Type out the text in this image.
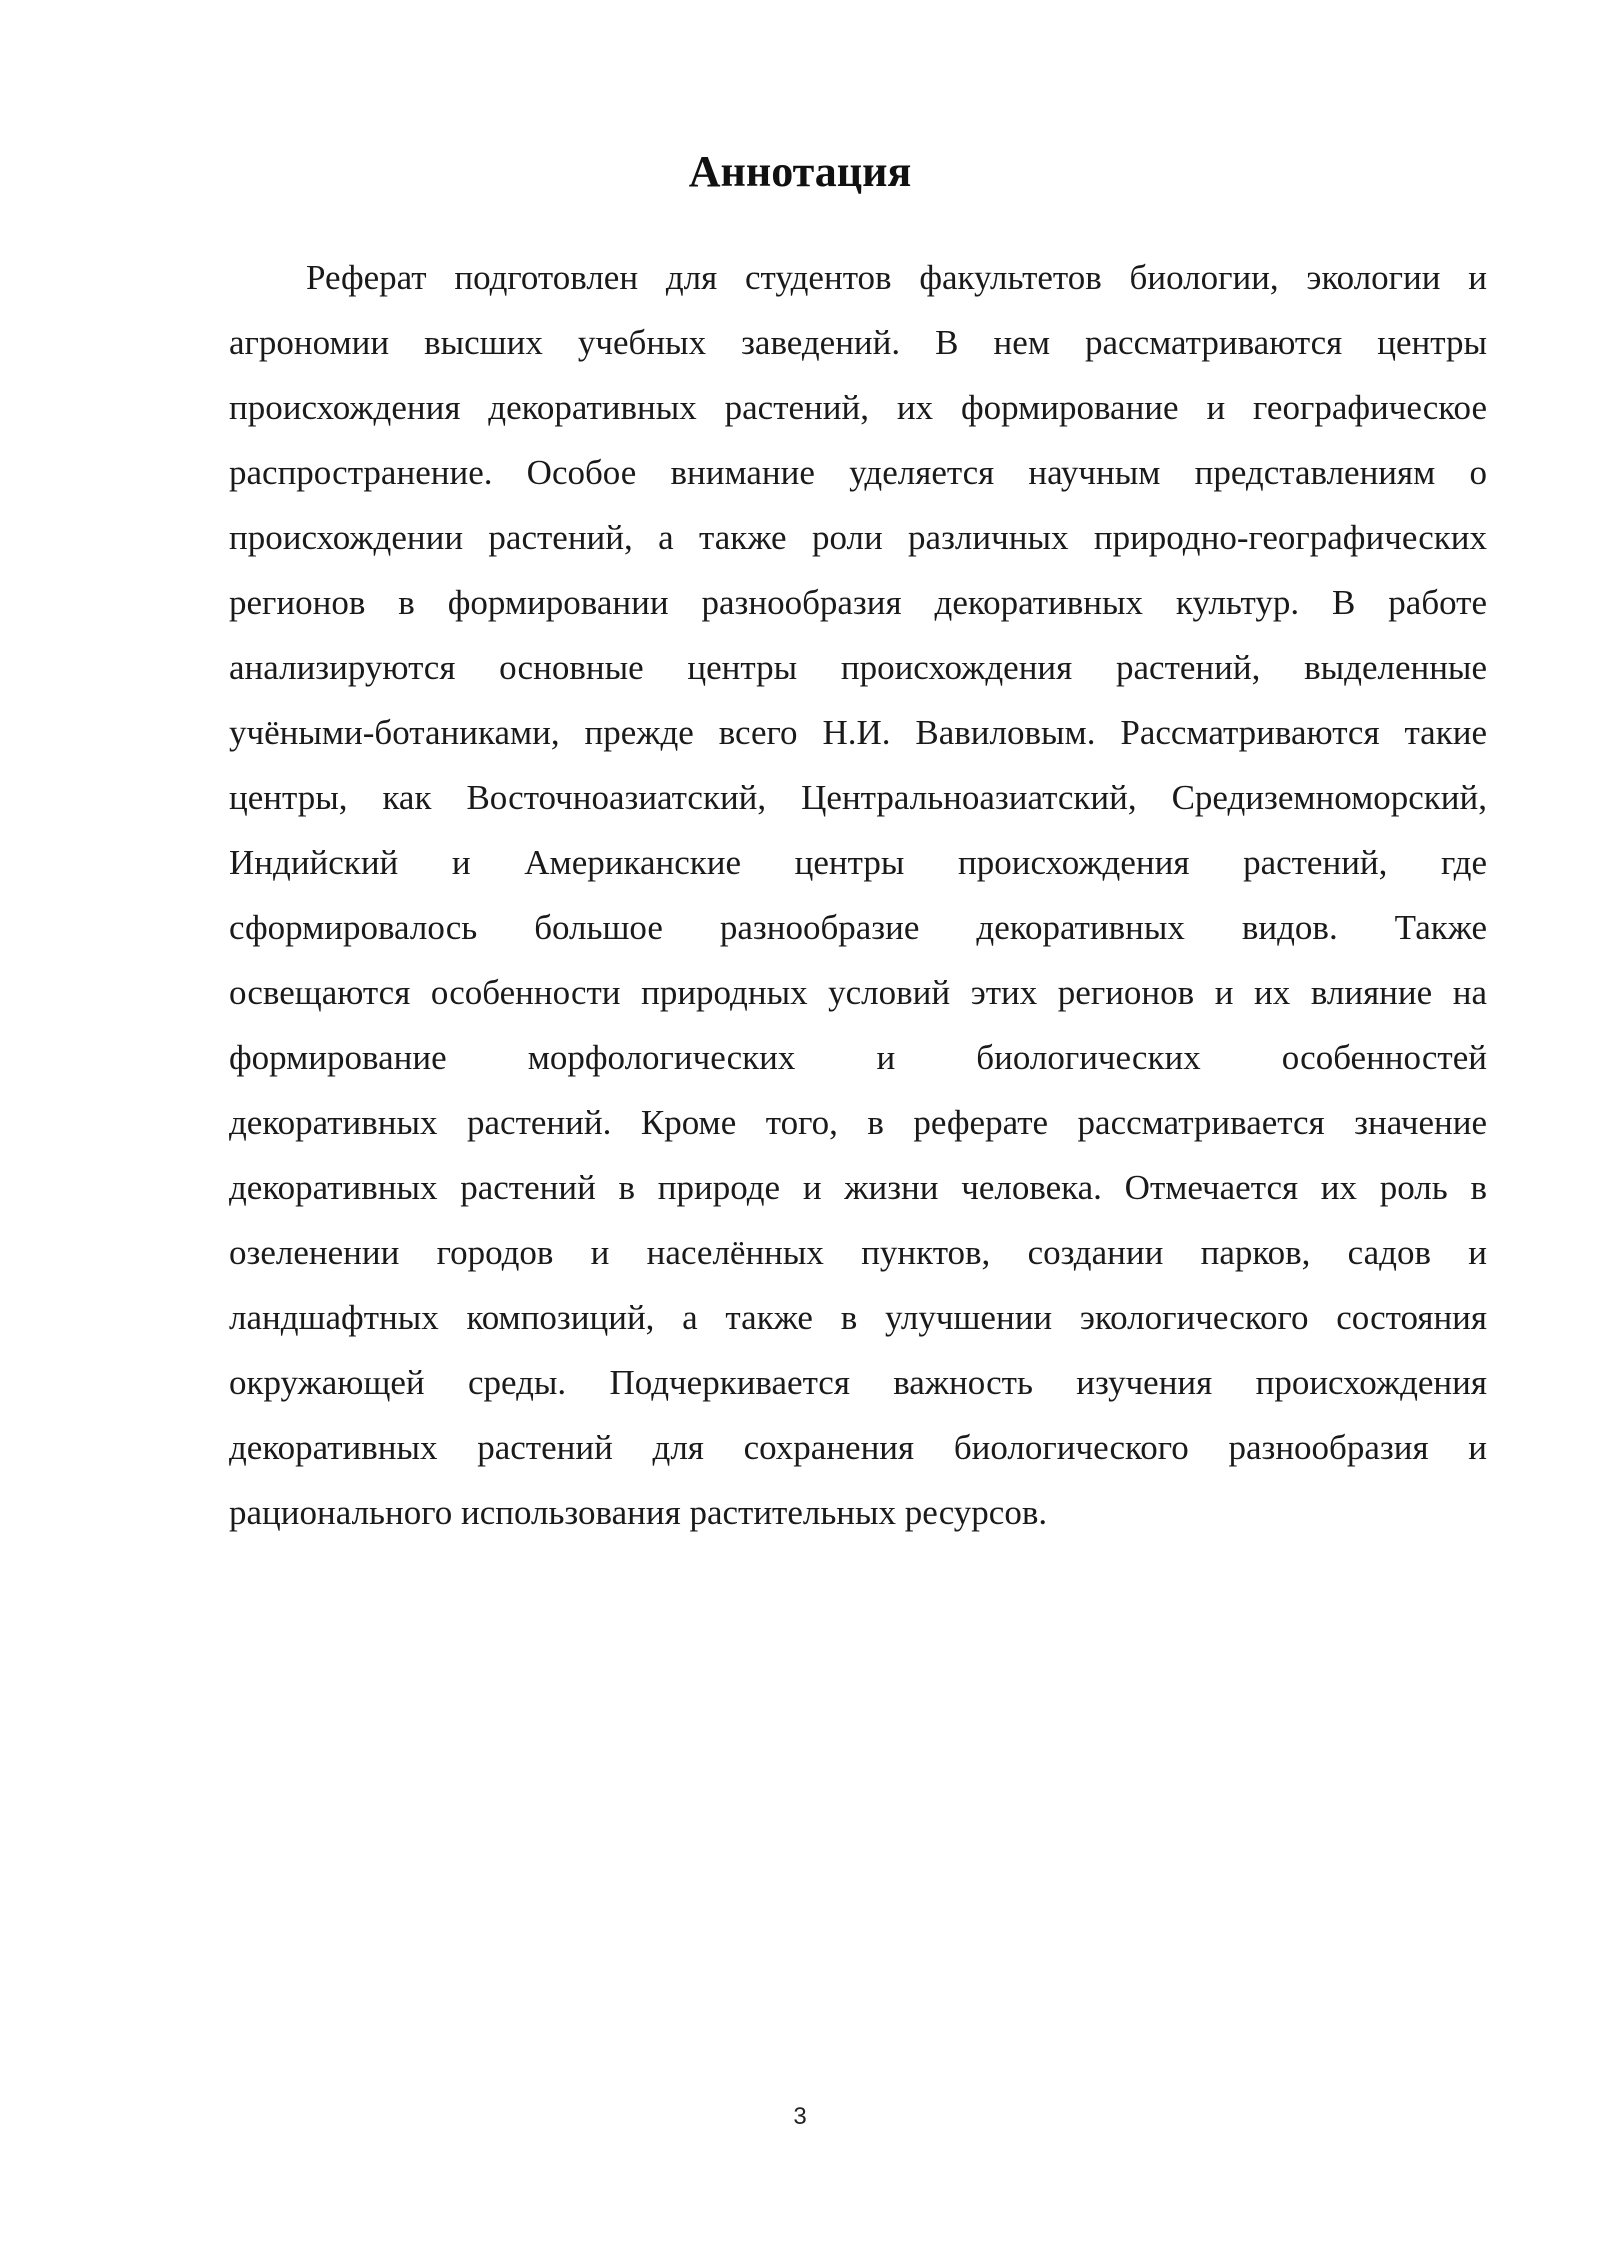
Аннотация
Реферат подготовлен для студентов факультетов биологии, экологии и
агрономии высших учебных заведений. В нем рассматриваются центры
происхождения декоративных растений, их формирование и географическое
распространение. Особое внимание уделяется научным представлениям о
происхождении растений, а также роли различных природно-географических
регионов в формировании разнообразия декоративных культур. В работе
анализируются основные центры происхождения растений, выделенные
учёными-ботаниками, прежде всего Н.И. Вавиловым. Рассматриваются такие
центры, как Восточноазиатский, Центральноазиатский, Средиземноморский,
Индийский и Американские центры происхождения растений, где
сформировалось большое разнообразие декоративных видов. Также
освещаются особенности природных условий этих регионов и их влияние на
формирование морфологических и биологических особенностей
декоративных растений. Кроме того, в реферате рассматривается значение
декоративных растений в природе и жизни человека. Отмечается их роль в
озеленении городов и населённых пунктов, создании парков, садов и
ландшафтных композиций, а также в улучшении экологического состояния
окружающей среды. Подчеркивается важность изучения происхождения
декоративных растений для сохранения биологического разнообразия и
рационального использования растительных ресурсов.
3
